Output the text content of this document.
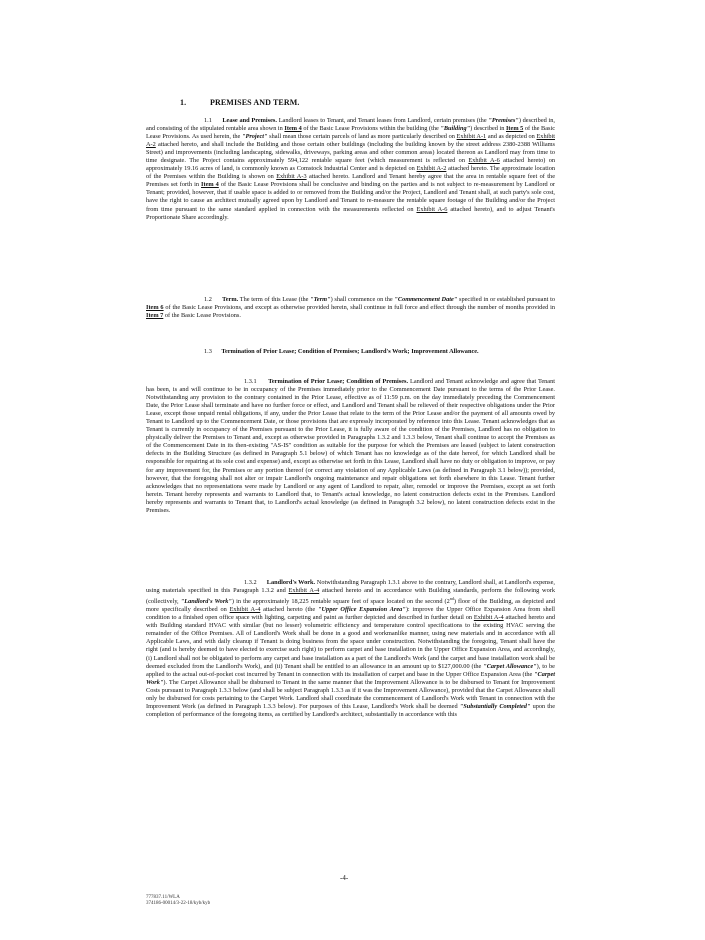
1.	PREMISES AND TERM.
1.1 Lease and Premises. Landlord leases to Tenant, and Tenant leases from Landlord, certain premises (the "Premises") described in, and consisting of the stipulated rentable area shown in Item 4 of the Basic Lease Provisions within the building (the "Building") described in Item 5 of the Basic Lease Provisions. As used herein, the "Project" shall mean those certain parcels of land as more particularly described on Exhibit A-1 and as depicted on Exhibit A-2 attached hereto, and shall include the Building and those certain other buildings (including the building known by the street address 2380-2388 Williams Street) and improvements (including landscaping, sidewalks, driveways, parking areas and other common areas) located thereon as Landlord may from time to time designate. The Project contains approximately 594,122 rentable square feet (which measurement is reflected on Exhibit A-6 attached hereto) on approximately 19.16 acres of land, is commonly known as Comstock Industrial Center and is depicted on Exhibit A-2 attached hereto. The approximate location of the Premises within the Building is shown on Exhibit A-3 attached hereto. Landlord and Tenant hereby agree that the area in rentable square feet of the Premises set forth in Item 4 of the Basic Lease Provisions shall be conclusive and binding on the parties and is not subject to re-measurement by Landlord or Tenant; provided, however, that if usable space is added to or removed from the Building and/or the Project, Landlord and Tenant shall, at such party's sole cost, have the right to cause an architect mutually agreed upon by Landlord and Tenant to re-measure the rentable square footage of the Building and/or the Project from time pursuant to the same standard applied in connection with the measurements reflected on Exhibit A-6 attached hereto), and to adjust Tenant's Proportionate Share accordingly.
1.2 Term. The term of this Lease (the "Term") shall commence on the "Commencement Date" specified in or established pursuant to Item 6 of the Basic Lease Provisions, and except as otherwise provided herein, shall continue in full force and effect through the number of months provided in Item 7 of the Basic Lease Provisions.
1.3 Termination of Prior Lease; Condition of Premises; Landlord's Work; Improvement Allowance.
1.3.1 Termination of Prior Lease; Condition of Premises. Landlord and Tenant acknowledge and agree that Tenant has been, is and will continue to be in occupancy of the Premises immediately prior to the Commencement Date pursuant to the terms of the Prior Lease. Notwithstanding any provision to the contrary contained in the Prior Lease, effective as of 11:59 p.m. on the day immediately preceding the Commencement Date, the Prior Lease shall terminate and have no further force or effect, and Landlord and Tenant shall be relieved of their respective obligations under the Prior Lease, except those unpaid rental obligations, if any, under the Prior Lease that relate to the term of the Prior Lease and/or the payment of all amounts owed by Tenant to Landlord up to the Commencement Date, or those provisions that are expressly incorporated by reference into this Lease. Tenant acknowledges that as Tenant is currently in occupancy of the Premises pursuant to the Prior Lease, it is fully aware of the condition of the Premises, Landlord has no obligation to physically deliver the Premises to Tenant and, except as otherwise provided in Paragraphs 1.3.2 and 1.3.3 below, Tenant shall continue to accept the Premises as of the Commencement Date in its then-existing "AS-IS" condition as suitable for the purpose for which the Premises are leased (subject to latent construction defects in the Building Structure (as defined in Paragraph 5.1 below) of which Tenant has no knowledge as of the date hereof, for which Landlord shall be responsible for repairing at its sole cost and expense) and, except as otherwise set forth in this Lease, Landlord shall have no duty or obligation to improve, or pay for any improvement for, the Premises or any portion thereof (or correct any violation of any Applicable Laws (as defined in Paragraph 3.1 below)); provided, however, that the foregoing shall not alter or impair Landlord's ongoing maintenance and repair obligations set forth elsewhere in this Lease. Tenant further acknowledges that no representations were made by Landlord or any agent of Landlord to repair, alter, remodel or improve the Premises, except as set forth herein. Tenant hereby represents and warrants to Landlord that, to Tenant's actual knowledge, no latent construction defects exist in the Premises. Landlord hereby represents and warrants to Tenant that, to Landlord's actual knowledge (as defined in Paragraph 3.2 below), no latent construction defects exist in the Premises.
1.3.2 Landlord's Work. Notwithstanding Paragraph 1.3.1 above to the contrary, Landlord shall, at Landlord's expense, using materials specified in this Paragraph 1.3.2 and Exhibit A-4 attached hereto and in accordance with Building standards, perform the following work (collectively, "Landlord's Work") in the approximately 18,225 rentable square feet of space located on the second (2nd) floor of the Building, as depicted and more specifically described on Exhibit A-4 attached hereto (the "Upper Office Expansion Area"): improve the Upper Office Expansion Area from shell condition to a finished open office space with lighting, carpeting and paint as further depicted and described in further detail on Exhibit A-4 attached hereto and with Building standard HVAC with similar (but no lesser) volumetric efficiency and temperature control specifications to the existing HVAC serving the remainder of the Office Premises. All of Landlord's Work shall be done in a good and workmanlike manner, using new materials and in accordance with all Applicable Laws, and with daily cleanup if Tenant is doing business from the space under construction. Notwithstanding the foregoing, Tenant shall have the right (and is hereby deemed to have elected to exercise such right) to perform carpet and base installation in the Upper Office Expansion Area, and accordingly, (i) Landlord shall not be obligated to perform any carpet and base installation as a part of the Landlord's Work (and the carpet and base installation work shall be deemed excluded from the Landlord's Work), and (ii) Tenant shall be entitled to an allowance in an amount up to $127,000.00 (the "Carpet Allowance"), to be applied to the actual out-of-pocket cost incurred by Tenant in connection with its installation of carpet and base in the Upper Office Expansion Area (the "Carpet Work"). The Carpet Allowance shall be disbursed to Tenant in the same manner that the Improvement Allowance is to be disbursed to Tenant for Improvement Costs pursuant to Paragraph 1.3.3 below (and shall be subject Paragraph 1.3.3 as if it was the Improvement Allowance), provided that the Carpet Allowance shall only be disbursed for costs pertaining to the Carpet Work. Landlord shall coordinate the commencement of Landlord's Work with Tenant in connection with the Improvement Work (as defined in Paragraph 1.3.3 below). For purposes of this Lease, Landlord's Work shall be deemed "Substantially Completed" upon the completion of performance of the foregoing items, as certified by Landlord's architect, substantially in accordance with this
-4-
777837.11/WLA
374186-00014/3-22-18/kyb/kyb
